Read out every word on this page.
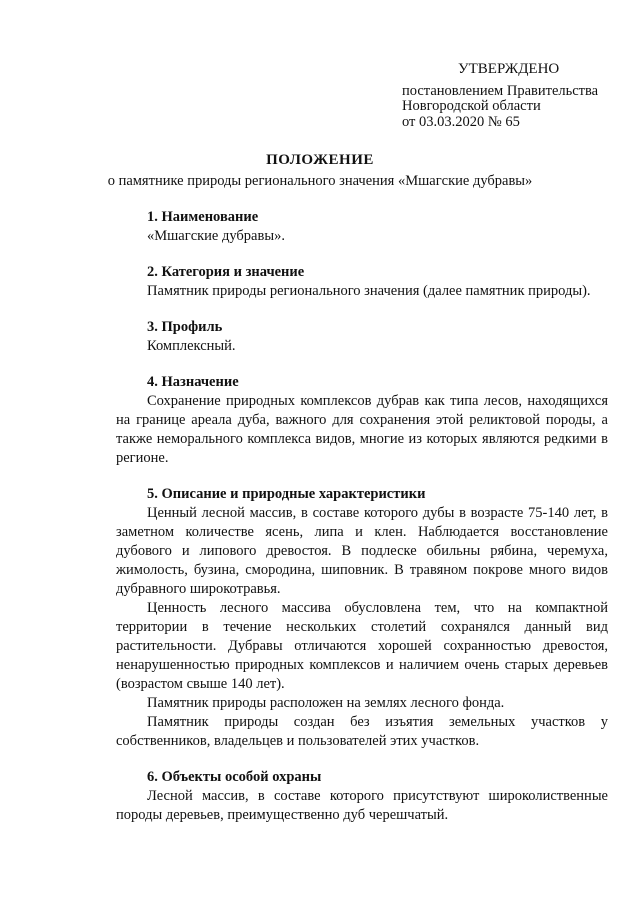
УТВЕРЖДЕНО
постановлением Правительства
Новгородской области
от 03.03.2020 № 65
ПОЛОЖЕНИЕ
о памятнике природы регионального значения «Мшагские дубравы»

1. Наименование

«Мшагские дубравы».

2. Категория и значение

Памятник природы регионального значения (далее памятник природы).

3. Профиль

Комплексный.

4. Назначение

Сохранение природных комплексов дубрав как типа лесов, находящихся на границе ареала дуба, важного для сохранения этой реликтовой породы, а также неморального комплекса видов, многие из которых являются редкими в регионе.

5. Описание и природные характеристики

Ценный лесной массив, в составе которого дубы в возрасте 75-140 лет, в заметном количестве ясень, липа и клен. Наблюдается восстановление дубового и липового древостоя. В подлеске обильны рябина, черемуха, жимолость, бузина, смородина, шиповник. В травяном покрове много видов дубравного широкотравья.

Ценность лесного массива обусловлена тем, что на компактной территории в течение нескольких столетий сохранялся данный вид растительности. Дубравы отличаются хорошей сохранностью древостоя, ненарушенностью природных комплексов и наличием очень старых деревьев (возрастом свыше 140 лет).

Памятник природы расположен на землях лесного фонда.

Памятник природы создан без изъятия земельных участков у собственников, владельцев и пользователей этих участков.

6. Объекты особой охраны

Лесной массив, в составе которого присутствуют широколиственные породы деревьев, преимущественно дуб черешчатый.
